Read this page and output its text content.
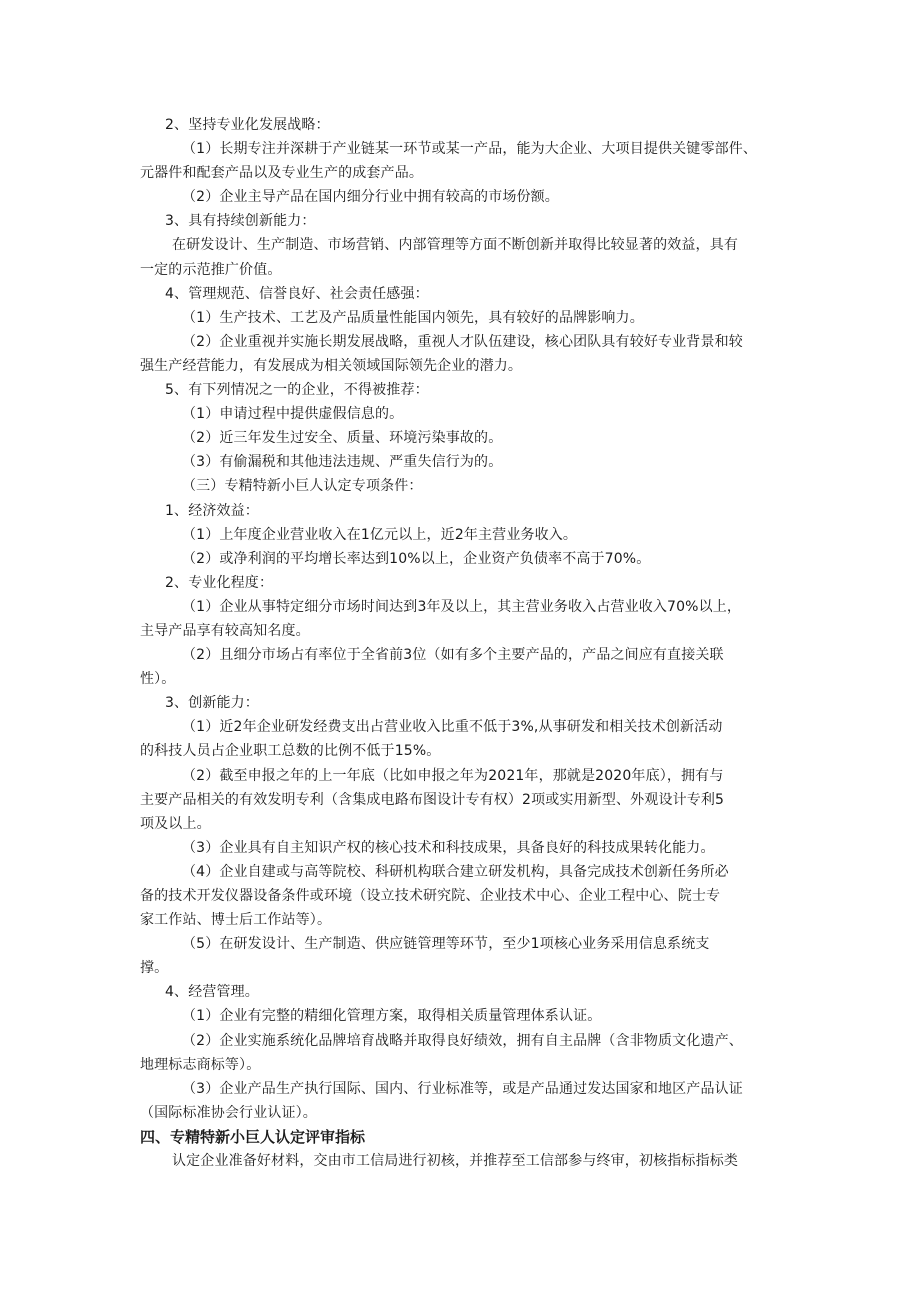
2、坚持专业化发展战略：

（1）长期专注并深耕于产业链某一环节或某一产品，能为大企业、大项目提供关键零部件、

元器件和配套产品以及专业生产的成套产品。

（2）企业主导产品在国内细分行业中拥有较高的市场份额。

3、具有持续创新能力：

在研发设计、生产制造、市场营销、内部管理等方面不断创新并取得比较显著的效益，具有

一定的示范推广价值。

4、管理规范、信誉良好、社会责任感强：

（1）生产技术、工艺及产品质量性能国内领先，具有较好的品牌影响力。

（2）企业重视并实施长期发展战略，重视人才队伍建设，核心团队具有较好专业背景和较

强生产经营能力，有发展成为相关领域国际领先企业的潜力。

5、有下列情况之一的企业，不得被推荐：

（1）申请过程中提供虚假信息的。

（2）近三年发生过安全、质量、环境污染事故的。

（3）有偷漏税和其他违法违规、严重失信行为的。

（三）专精特新小巨人认定专项条件：

1、经济效益：

（1）上年度企业营业收入在1亿元以上，近2年主营业务收入。

（2）或净利润的平均增长率达到10%以上，企业资产负债率不高于70%。

2、专业化程度：

（1）企业从事特定细分市场时间达到3年及以上，其主营业务收入占营业收入70%以上，

主导产品享有较高知名度。

（2）且细分市场占有率位于全省前3位（如有多个主要产品的，产品之间应有直接关联

性）。

3、创新能力：

（1）近2年企业研发经费支出占营业收入比重不低于3%,从事研发和相关技术创新活动

的科技人员占企业职工总数的比例不低于15%。

（2）截至申报之年的上一年底（比如申报之年为2021年，那就是2020年底），拥有与

主要产品相关的有效发明专利（含集成电路布图设计专有权）2项或实用新型、外观设计专利5

项及以上。

（3）企业具有自主知识产权的核心技术和科技成果，具备良好的科技成果转化能力。

（4）企业自建或与高等院校、科研机构联合建立研发机构，具备完成技术创新任务所必

备的技术开发仪器设备条件或环境（设立技术研究院、企业技术中心、企业工程中心、院士专

家工作站、博士后工作站等）。

（5）在研发设计、生产制造、供应链管理等环节，至少1项核心业务采用信息系统支

撑。

4、经营管理。

（1）企业有完整的精细化管理方案，取得相关质量管理体系认证。

（2）企业实施系统化品牌培育战略并取得良好绩效，拥有自主品牌（含非物质文化遗产、

地理标志商标等）。

（3）企业产品生产执行国际、国内、行业标准等，或是产品通过发达国家和地区产品认证

（国际标准协会行业认证）。

四、专精特新小巨人认定评审指标

认定企业准备好材料，交由市工信局进行初核，并推荐至工信部参与终审，初核指标指标类
